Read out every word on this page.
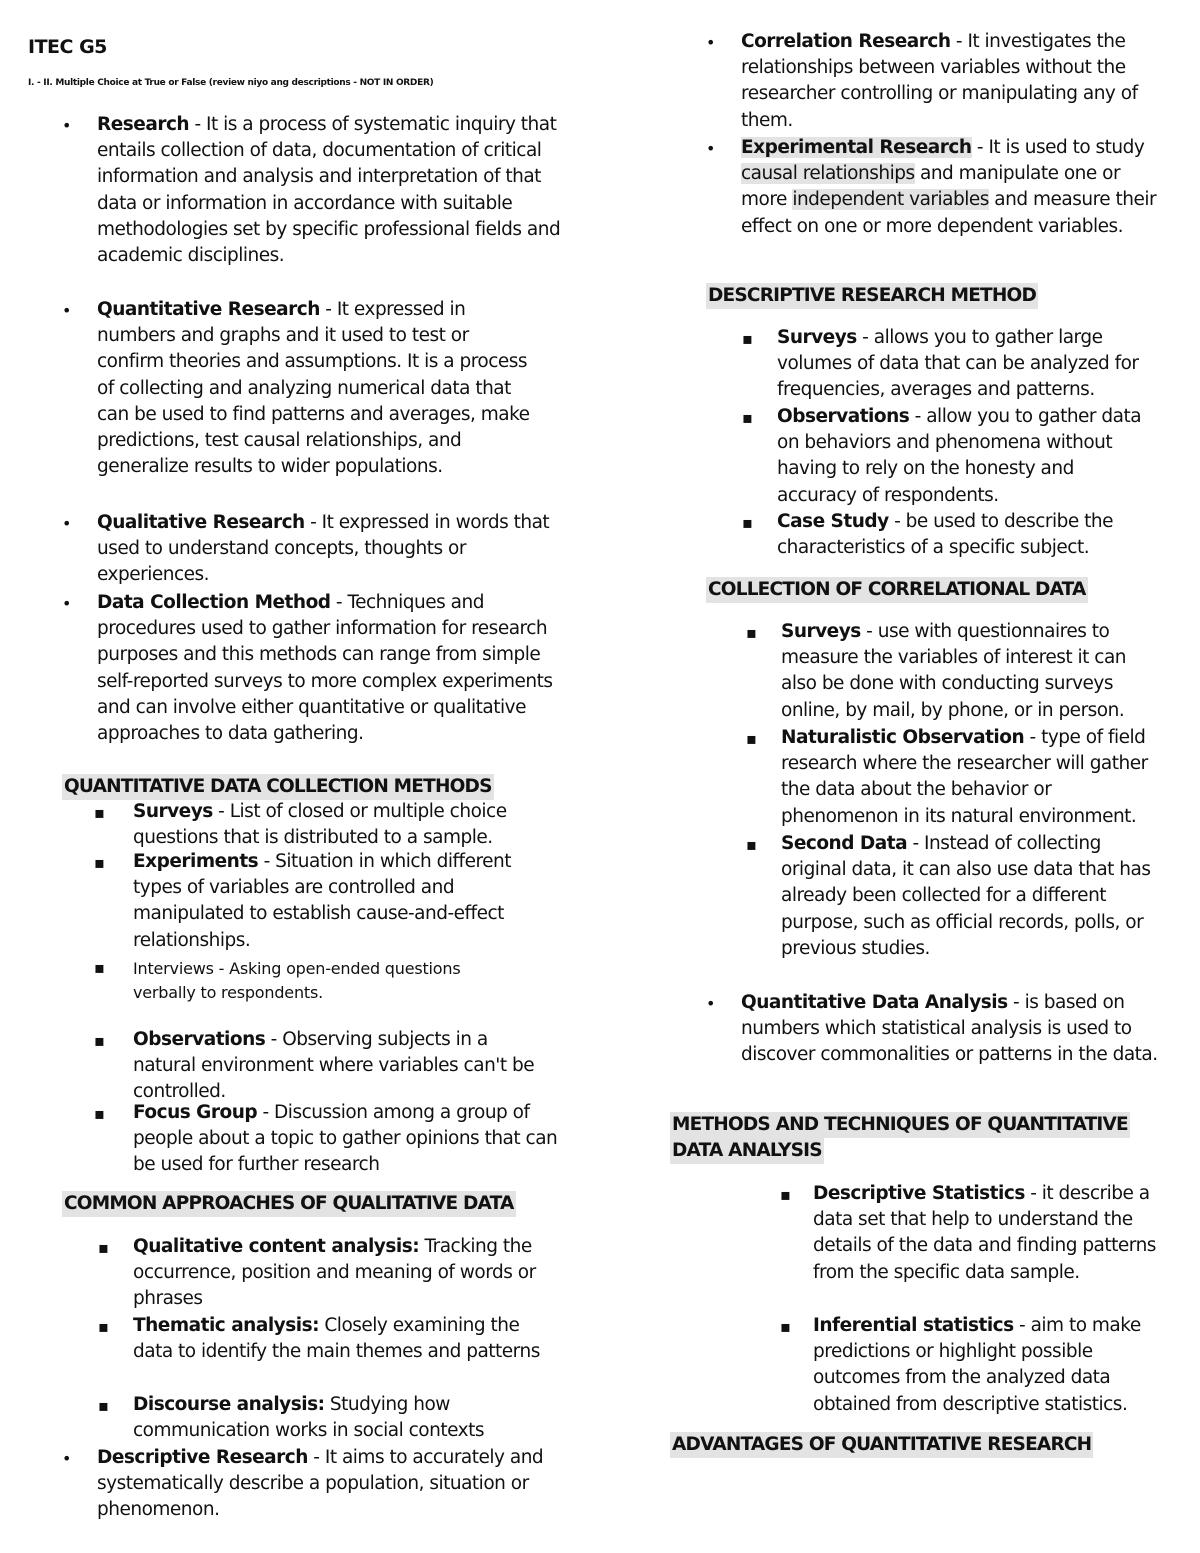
ITEC G5
I. - II. Multiple Choice at True or False (review niyo ang descriptions - NOT IN ORDER)
•
Research - It is a process of systematic inquiry that entails collection of data, documentation of critical information and analysis and interpretation of that data or information in accordance with suitable methodologies set by specific professional fields and academic disciplines.
•
Quantitative Research - It expressed in numbers and graphs and it used to test or confirm theories and assumptions. It is a process of collecting and analyzing numerical data that can be used to find patterns and averages, make predictions, test causal relationships, and generalize results to wider populations.
•
Qualitative Research - It expressed in words that used to understand concepts, thoughts or experiences.
•
Data Collection Method - Techniques and procedures used to gather information for research purposes and this methods can range from simple self-reported surveys to more complex experiments and can involve either quantitative or qualitative approaches to data gathering.
QUANTITATIVE DATA COLLECTION METHODS
▪
Surveys - List of closed or multiple choice questions that is distributed to a sample.
▪
Experiments - Situation in which different types of variables are controlled and manipulated to establish cause-and-effect relationships.
▪
Interviews - Asking open-ended questions verbally to respondents.
▪
Observations - Observing subjects in a natural environment where variables can't be controlled.
▪
Focus Group - Discussion among a group of people about a topic to gather opinions that can be used for further research
COMMON APPROACHES OF QUALITATIVE DATA
▪
Qualitative content analysis: Tracking the occurrence, position and meaning of words or phrases
▪
Thematic analysis: Closely examining the data to identify the main themes and patterns
▪
Discourse analysis: Studying how communication works in social contexts
•
Descriptive Research - It aims to accurately and systematically describe a population, situation or phenomenon.
•
Correlation Research - It investigates the relationships between variables without the researcher controlling or manipulating any of them.
•
Experimental Research - It is used to study causal relationships and manipulate one or more independent variables and measure their effect on one or more dependent variables.
DESCRIPTIVE RESEARCH METHOD
▪
Surveys - allows you to gather large volumes of data that can be analyzed for frequencies, averages and patterns.
▪
Observations - allow you to gather data on behaviors and phenomena without having to rely on the honesty and accuracy of respondents.
▪
Case Study - be used to describe the characteristics of a specific subject.
COLLECTION OF CORRELATIONAL DATA
▪
Surveys - use with questionnaires to measure the variables of interest it can also be done with conducting surveys online, by mail, by phone, or in person.
▪
Naturalistic Observation - type of field research where the researcher will gather the data about the behavior or phenomenon in its natural environment.
▪
Second Data - Instead of collecting original data, it can also use data that has already been collected for a different purpose, such as official records, polls, or previous studies.
•
Quantitative Data Analysis - is based on numbers which statistical analysis is used to discover commonalities or patterns in the data.
METHODS AND TECHNIQUES OF QUANTITATIVE
DATA ANALYSIS
▪
Descriptive Statistics - it describe a data set that help to understand the details of the data and finding patterns from the specific data sample.
▪
Inferential statistics - aim to make predictions or highlight possible outcomes from the analyzed data obtained from descriptive statistics.
ADVANTAGES OF QUANTITATIVE RESEARCH
